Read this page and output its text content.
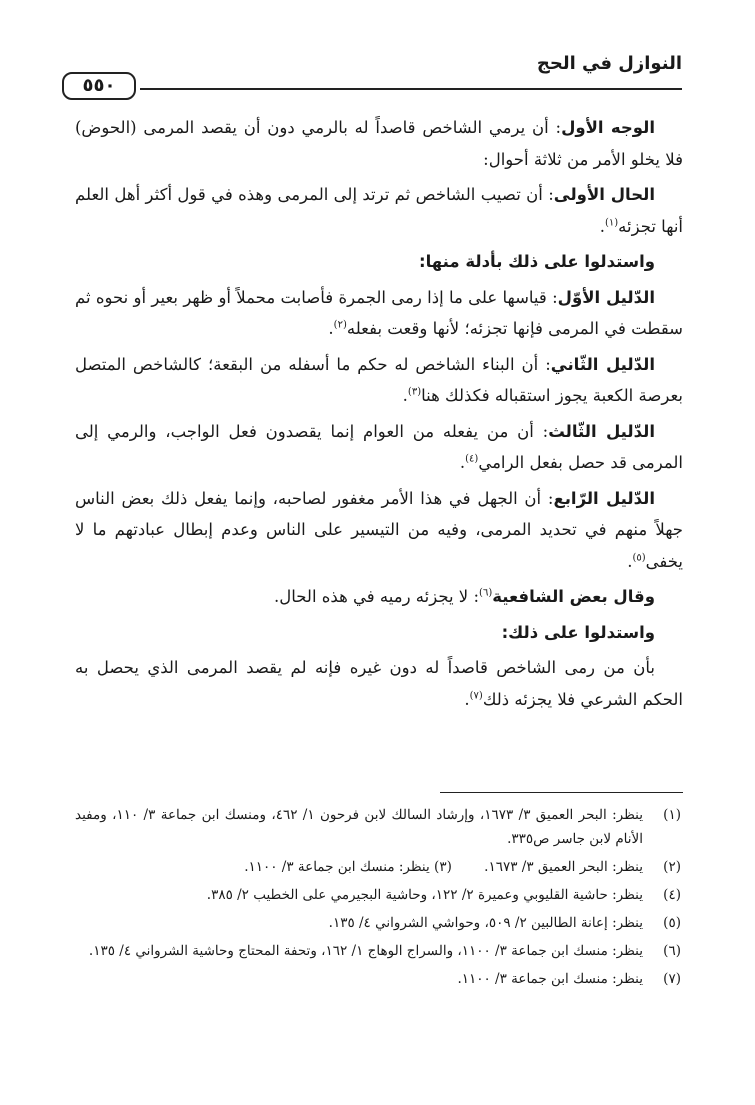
النوازل في الحج
٥٥٠

الوجه الأول: أن يرمي الشاخص قاصداً له بالرمي دون أن يقصد المرمى (الحوض) فلا يخلو الأمر من ثلاثة أحوال:

الحال الأولى: أن تصيب الشاخص ثم ترتد إلى المرمى وهذه في قول أكثر أهل العلم أنها تجزئه$^{(١)}$.

واستدلوا على ذلك بأدلة منها:

الدّليل الأوّل: قياسها على ما إذا رمى الجمرة فأصابت محملاً أو ظهر بعير أو نحوه ثم سقطت في المرمى فإنها تجزئه؛ لأنها وقعت بفعله$^{(٢)}$.

الدّليل الثّاني: أن البناء الشاخص له حكم ما أسفله من البقعة؛ كالشاخص المتصل بعرصة الكعبة يجوز استقباله فكذلك هنا$^{(٣)}$.

الدّليل الثّالث: أن من يفعله من العوام إنما يقصدون فعل الواجب، والرمي إلى المرمى قد حصل بفعل الرامي$^{(٤)}$.

الدّليل الرّابع: أن الجهل في هذا الأمر مغفور لصاحبه، وإنما يفعل ذلك بعض الناس جهلاً منهم في تحديد المرمى، وفيه من التيسير على الناس وعدم إبطال عبادتهم ما لا يخفى$^{(٥)}$.

وقال بعض الشافعية$^{(٦)}$: لا يجزئه رميه في هذه الحال.

واستدلوا على ذلك:

بأن من رمى الشاخص قاصداً له دون غيره فإنه لم يقصد المرمى الذي يحصل به الحكم الشرعي فلا يجزئه ذلك$^{(٧)}$.

(١)
ينظر: البحر العميق ٣/ ١٦٧٣، وإرشاد السالك لابن فرحون ١/ ٤٦٢، ومنسك ابن جماعة ٣/ ١١٠، ومفيد الأنام لابن جاسر ص٣٣٥.
(٢)
ينظر: البحر العميق ٣/ ١٦٧٣. (٣) ينظر: منسك ابن جماعة ٣/ ١١٠٠.
(٤)
ينظر: حاشية القليوبي وعميرة ٢/ ١٢٢، وحاشية البجيرمي على الخطيب ٢/ ٣٨٥.
(٥)
ينظر: إعانة الطالبين ٢/ ٥٠٩، وحواشي الشرواني ٤/ ١٣٥.
(٦)
ينظر: منسك ابن جماعة ٣/ ١١٠٠، والسراج الوهاج ١/ ١٦٢، وتحفة المحتاج وحاشية الشرواني ٤/ ١٣٥.
(٧)
ينظر: منسك ابن جماعة ٣/ ١١٠٠.
